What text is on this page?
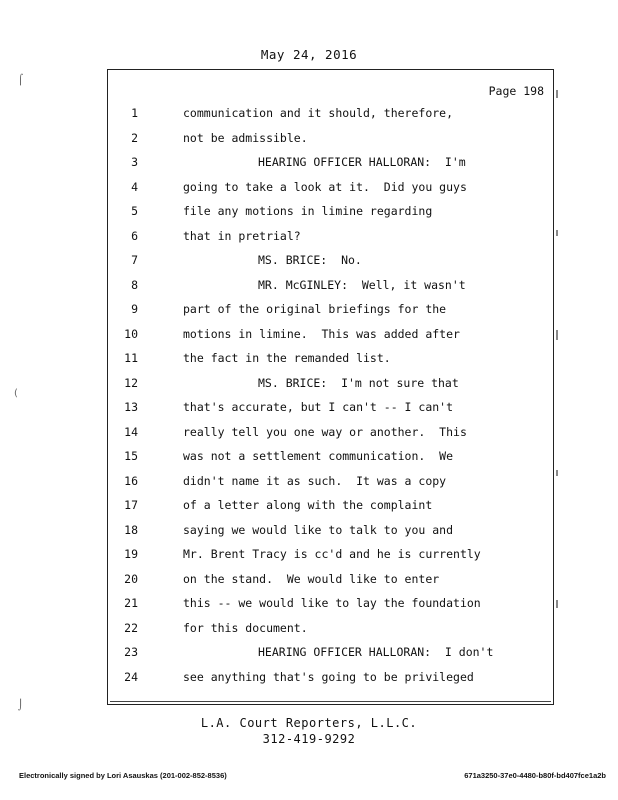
May 24, 2016
Page 198
1	communication and it should, therefore,
2	not be admissible.
3	HEARING OFFICER HALLORAN:  I'm
4	going to take a look at it.  Did you guys
5	file any motions in limine regarding
6	that in pretrial?
7	MS. BRICE:  No.
8	MR. McGINLEY:  Well, it wasn't
9	part of the original briefings for the
10	motions in limine.  This was added after
11	the fact in the remanded list.
12	MS. BRICE:  I'm not sure that
13	that's accurate, but I can't -- I can't
14	really tell you one way or another.  This
15	was not a settlement communication.  We
16	didn't name it as such.  It was a copy
17	of a letter along with the complaint
18	saying we would like to talk to you and
19	Mr. Brent Tracy is cc'd and he is currently
20	on the stand.  We would like to enter
21	this -- we would like to lay the foundation
22	for this document.
23	HEARING OFFICER HALLORAN:  I don't
24	see anything that's going to be privileged
L.A. Court Reporters, L.L.C.
312-419-9292
Electronically signed by Lori Asauskas (201-002-852-8536)	671a3250-37e0-4480-b80f-bd407fce1a2b
⌠
(
⌡
